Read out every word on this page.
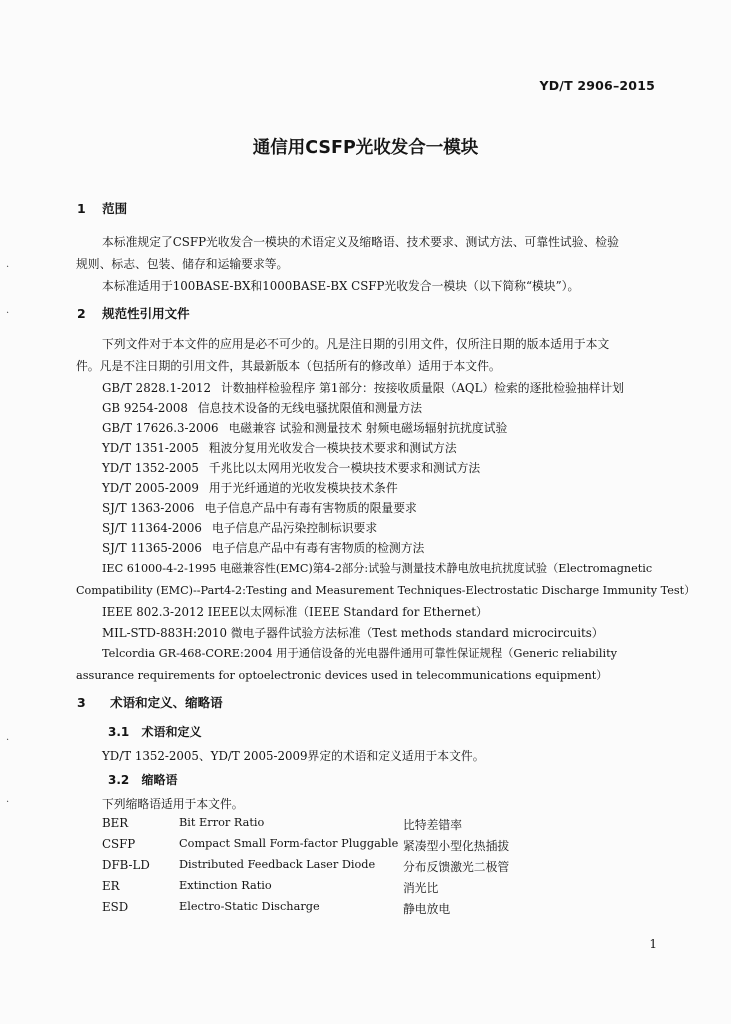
YD/T 2906–2015
通信用CSFP光收发合一模块
1 范围
本标准规定了CSFP光收发合一模块的术语定义及缩略语、技术要求、测试方法、可靠性试验、检验
规则、标志、包装、储存和运输要求等。
本标准适用于100BASE-BX和1000BASE-BX CSFP光收发合一模块（以下简称“模块”）。
2 规范性引用文件
下列文件对于本文件的应用是必不可少的。凡是注日期的引用文件，仅所注日期的版本适用于本文
件。凡是不注日期的引用文件，其最新版本（包括所有的修改单）适用于本文件。
GB/T 2828.1-2012 计数抽样检验程序 第1部分：按接收质量限（AQL）检索的逐批检验抽样计划
GB 9254-2008 信息技术设备的无线电骚扰限值和测量方法
GB/T 17626.3-2006 电磁兼容 试验和测量技术 射频电磁场辐射抗扰度试验
YD/T 1351-2005 粗波分复用光收发合一模块技术要求和测试方法
YD/T 1352-2005 千兆比以太网用光收发合一模块技术要求和测试方法
YD/T 2005-2009 用于光纤通道的光收发模块技术条件
SJ/T 1363-2006 电子信息产品中有毒有害物质的限量要求
SJ/T 11364-2006 电子信息产品污染控制标识要求
SJ/T 11365-2006 电子信息产品中有毒有害物质的检测方法
IEC 61000-4-2-1995 电磁兼容性(EMC)第4-2部分:试验与测量技术静电放电抗扰度试验（Electromagnetic
Compatibility (EMC)--Part4-2:Testing and Measurement Techniques-Electrostatic Discharge Immunity Test）
IEEE 802.3-2012 IEEE以太网标准（IEEE Standard for Ethernet）
MIL-STD-883H:2010 微电子器件试验方法标准（Test methods standard microcircuits）
Telcordia GR-468-CORE:2004 用于通信设备的光电器件通用可靠性保证规程（Generic reliability
assurance requirements for optoelectronic devices used in telecommunications equipment）
3 术语和定义、缩略语
3.1 术语和定义
YD/T 1352-2005、YD/T 2005-2009界定的术语和定义适用于本文件。
3.2 缩略语
下列缩略语适用于本文件。
BER	Bit Error Ratio	比特差错率
CSFP	Compact Small Form-factor Pluggable 紧凑型小型化热插拔
DFB-LD	Distributed Feedback Laser Diode 分布反馈激光二极管
ER	Extinction Ratio	消光比
ESD	Electro-Static Discharge	静电放电
1
·
·
·
·
